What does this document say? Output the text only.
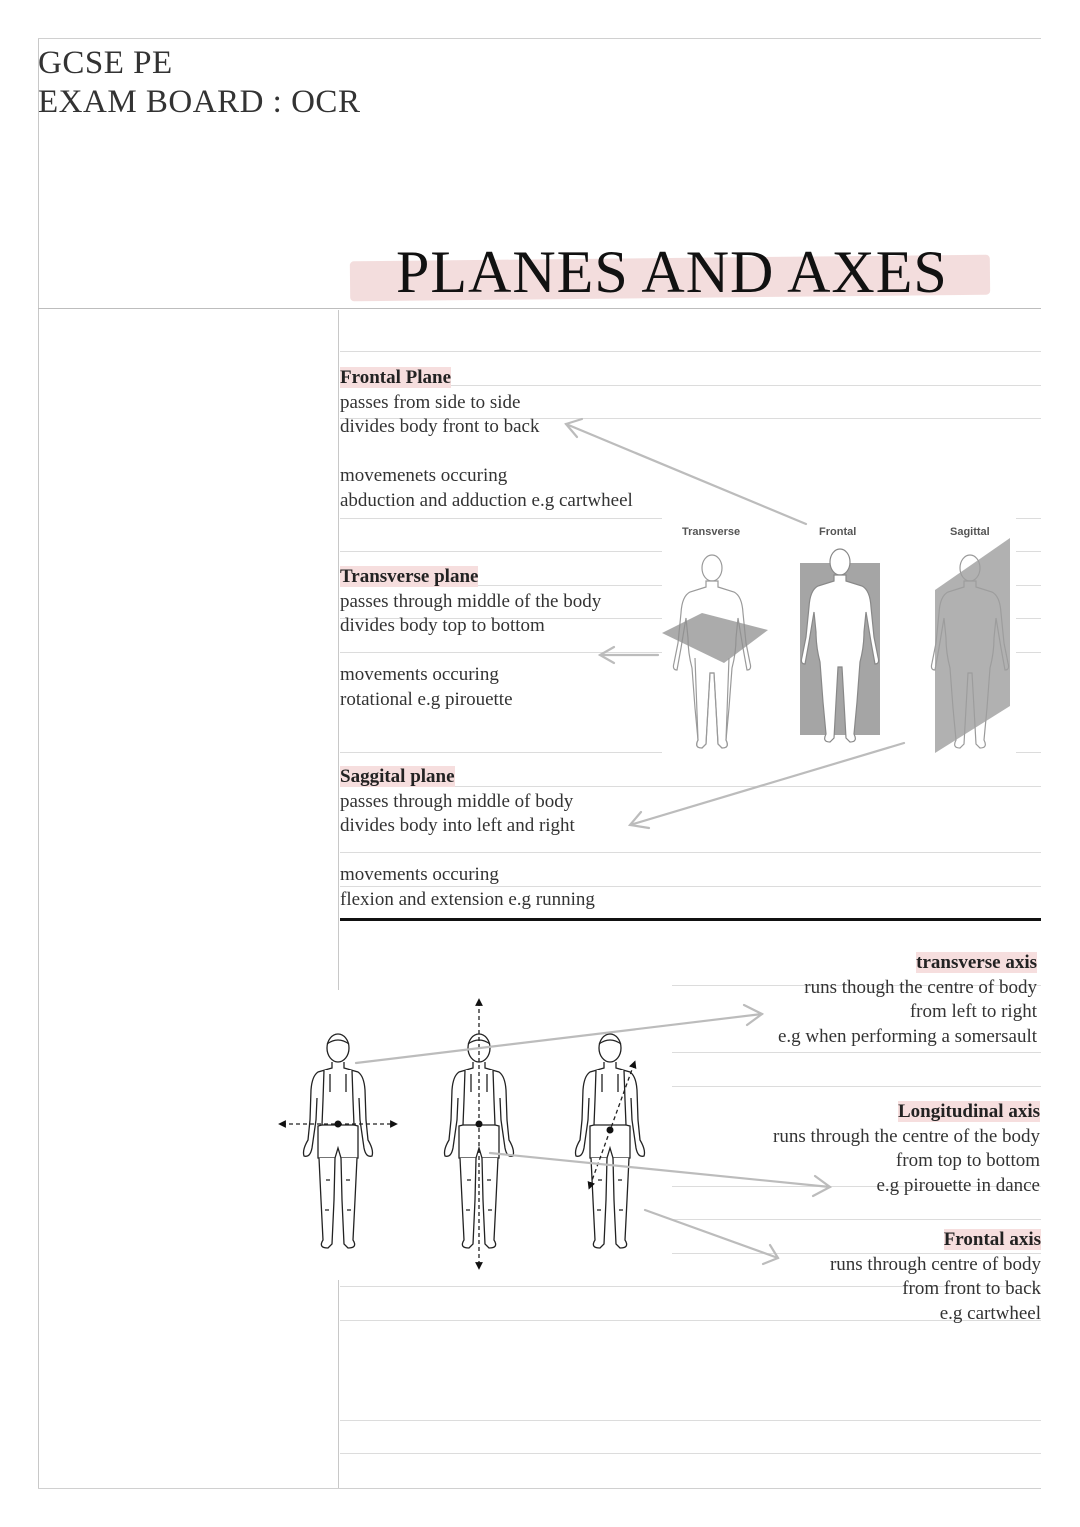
GCSE PE
EXAM BOARD : OCR
PLANES AND AXES
Frontal Plane
passes from side to side
divides body front to back
movemenets occuring
abduction and adduction e.g cartwheel
Transverse plane
passes through middle of the body
divides body top to bottom
movements occuring
rotational e.g pirouette
Saggital plane
passes through middle of body
divides body into left and right
movements occuring
flexion and extension e.g running
Transverse	Frontal	Sagittal
transverse axis
runs though the centre of body
from left to right
e.g when performing a somersault
Longitudinal axis
runs through the centre of the body
from top to bottom
e.g pirouette in dance
Frontal axis
runs through centre of body
from front to back
e.g cartwheel
